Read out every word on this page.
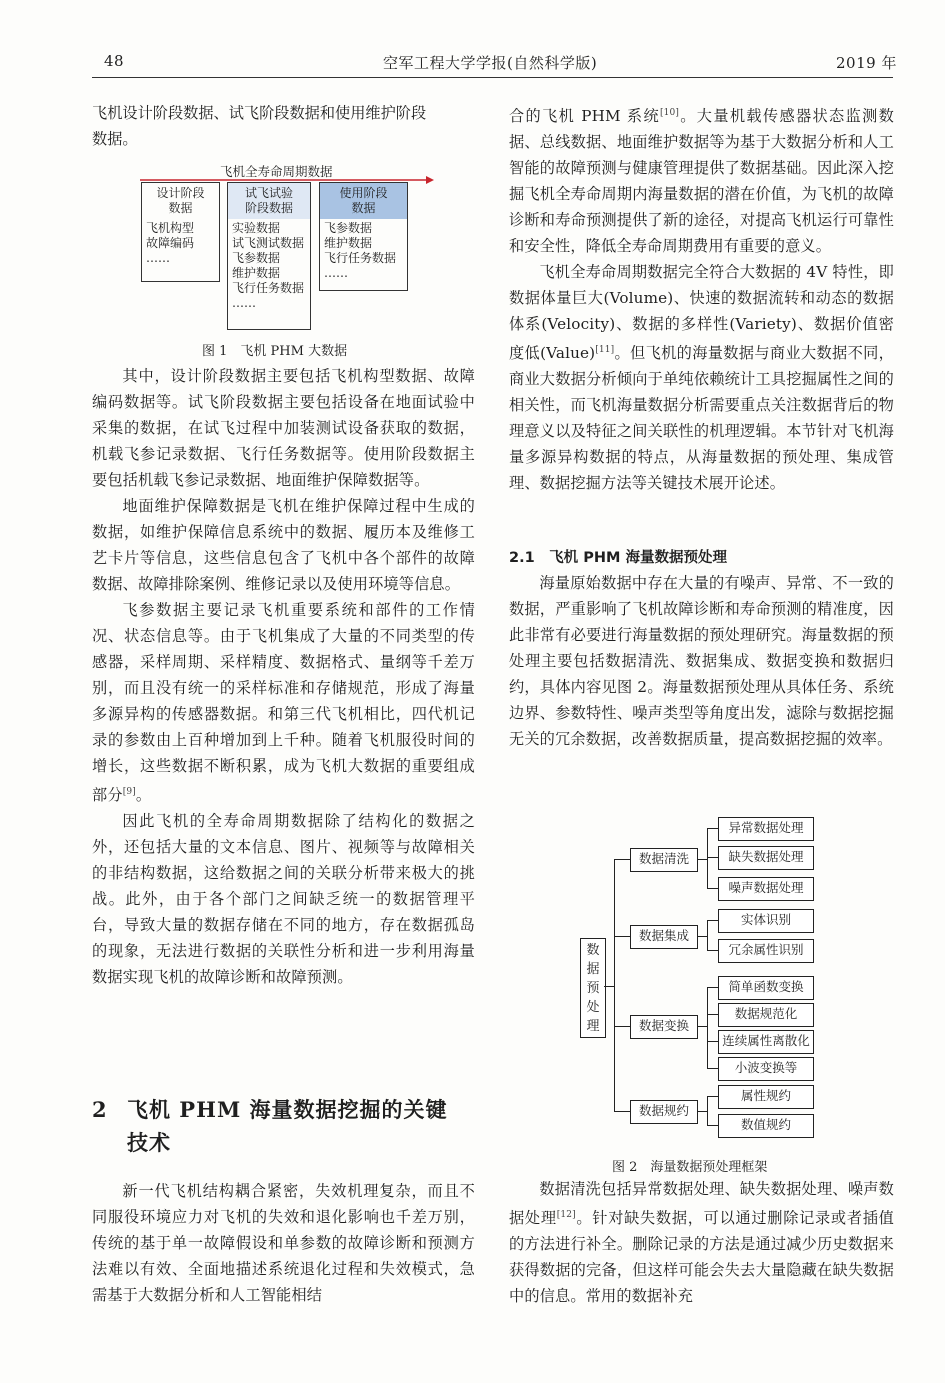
48	空军工程大学学报(自然科学版)	2019 年
飞机设计阶段数据、试飞阶段数据和使用维护阶段
数据。
飞机全寿命周期数据
设计阶段
数据
飞机构型
故障编码
……
试飞试验
阶段数据
实验数据
试飞测试数据
飞参数据
维护数据
飞行任务数据
……
使用阶段
数据
飞参数据
维护数据
飞行任务数据
……
图 1　飞机 PHM 大数据

其中，设计阶段数据主要包括飞机构型数据、故障编码数据等。试飞阶段数据主要包括设备在地面试验中采集的数据，在试飞过程中加装测试设备获取的数据，机载飞参记录数据、飞行任务数据等。使用阶段数据主要包括机载飞参记录数据、地面维护保障数据等。

地面维护保障数据是飞机在维护保障过程中生成的数据，如维护保障信息系统中的数据、履历本及维修工艺卡片等信息，这些信息包含了飞机中各个部件的故障数据、故障排除案例、维修记录以及使用环境等信息。

飞参数据主要记录飞机重要系统和部件的工作情况、状态信息等。由于飞机集成了大量的不同类型的传感器，采样周期、采样精度、数据格式、量纲等千差万别，而且没有统一的采样标准和存储规范，形成了海量多源异构的传感器数据。和第三代飞机相比，四代机记录的参数由上百种增加到上千种。随着飞机服役时间的增长，这些数据不断积累，成为飞机大数据的重要组成部分[9]。

因此飞机的全寿命周期数据除了结构化的数据之外，还包括大量的文本信息、图片、视频等与故障相关的非结构数据，这给数据之间的关联分析带来极大的挑战。此外，由于各个部门之间缺乏统一的数据管理平台，导致大量的数据存储在不同的地方，存在数据孤岛的现象，无法进行数据的关联性分析和进一步利用海量数据实现飞机的故障诊断和故障预测。

2 飞机 PHM 海量数据挖掘的关键
技术

新一代飞机结构耦合紧密，失效机理复杂，而且不同服役环境应力对飞机的失效和退化影响也千差万别，传统的基于单一故障假设和单参数的故障诊断和预测方法难以有效、全面地描述系统退化过程和失效模式，急需基于大数据分析和人工智能相结

合的飞机 PHM 系统[10]。大量机载传感器状态监测数据、总线数据、地面维护数据等为基于大数据分析和人工智能的故障预测与健康管理提供了数据基础。因此深入挖掘飞机全寿命周期内海量数据的潜在价值，为飞机的故障诊断和寿命预测提供了新的途径，对提高飞机运行可靠性和安全性，降低全寿命周期费用有重要的意义。

飞机全寿命周期数据完全符合大数据的 4V 特性，即数据体量巨大(Volume)、快速的数据流转和动态的数据体系(Velocity)、数据的多样性(Variety)、数据价值密度低(Value)[11]。但飞机的海量数据与商业大数据不同，商业大数据分析倾向于单纯依赖统计工具挖掘属性之间的相关性，而飞机海量数据分析需要重点关注数据背后的物理意义以及特征之间关联性的机理逻辑。本节针对飞机海量多源异构数据的特点，从海量数据的预处理、集成管理、数据挖掘方法等关键技术展开论述。

2.1　飞机 PHM 海量数据预处理

海量原始数据中存在大量的有噪声、异常、不一致的数据，严重影响了飞机故障诊断和寿命预测的精准度，因此非常有必要进行海量数据的预处理研究。海量数据的预处理主要包括数据清洗、数据集成、数据变换和数据归约，具体内容见图 2。海量数据预处理从具体任务、系统边界、参数特性、噪声类型等角度出发，滤除与数据挖掘无关的冗余数据，改善数据质量，提高数据挖掘的效率。

数据预处理
数据清洗
数据集成
数据变换
数据规约
异常数据处理
缺失数据处理
噪声数据处理
实体识别
冗余属性识别
简单函数变换
数据规范化
连续属性离散化
小波变换等
属性规约
数值规约
图 2　海量数据预处理框架

数据清洗包括异常数据处理、缺失数据处理、噪声数据处理[12]。针对缺失数据，可以通过删除记录或者插值的方法进行补全。删除记录的方法是通过减少历史数据来获得数据的完备，但这样可能会失去大量隐藏在缺失数据中的信息。常用的数据补充
